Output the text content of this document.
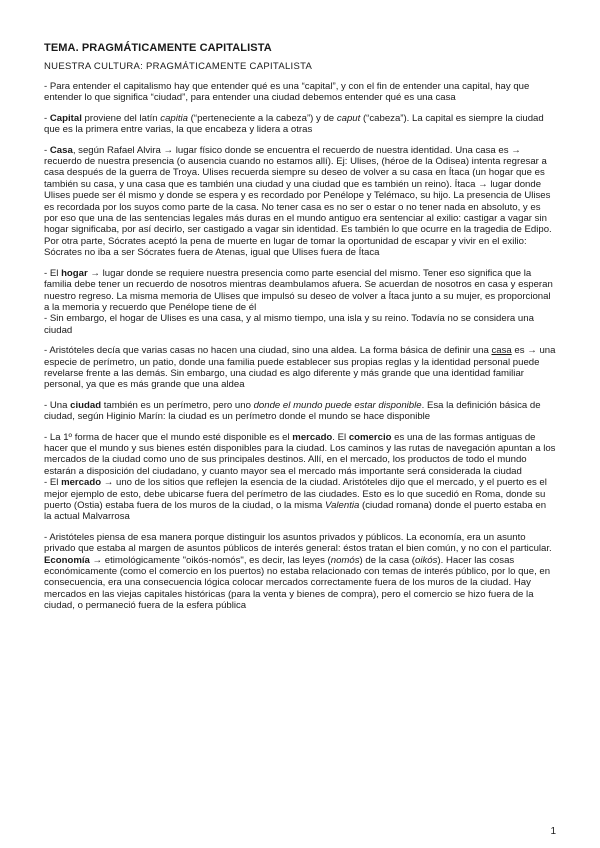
TEMA. PRAGMÁTICAMENTE CAPITALISTA
NUESTRA CULTURA: PRAGMÁTICAMENTE CAPITALISTA

- Para entender el capitalismo hay que entender qué es una “capital”, y con el fin de entender una capital, hay que entender lo que significa “ciudad”, para entender una ciudad debemos entender qué es una casa

- Capital proviene del latín capitia (“perteneciente a la cabeza”) y de caput (“cabeza”). La capital es siempre la ciudad que es la primera entre varias, la que encabeza y lidera a otras

- Casa, según Rafael Alvira → lugar físico donde se encuentra el recuerdo de nuestra identidad. Una casa es → recuerdo de nuestra presencia (o ausencia cuando no estamos allí). Ej: Ulises, (héroe de la Odisea) intenta regresar a casa después de la guerra de Troya. Ulises recuerda siempre su deseo de volver a su casa en Ítaca (un hogar que es también su casa, y una casa que es también una ciudad y una ciudad que es también un reino). Ítaca → lugar donde Ulises puede ser él mismo y donde se espera y es recordado por Penélope y Telémaco, su hijo. La presencia de Ulises es recordada por los suyos como parte de la casa. No tener casa es no ser o estar o no tener nada en absoluto, y es por eso que una de las sentencias legales más duras en el mundo antiguo era sentenciar al exilio: castigar a vagar sin hogar significaba, por así decirlo, ser castigado a vagar sin identidad. Es también lo que ocurre en la tragedia de Edipo. Por otra parte, Sócrates aceptó la pena de muerte en lugar de tomar la oportunidad de escapar y vivir en el exilio: Sócrates no iba a ser Sócrates fuera de Atenas, igual que Ulises fuera de Ítaca

- El hogar → lugar donde se requiere nuestra presencia como parte esencial del mismo. Tener eso significa que la familia debe tener un recuerdo de nosotros mientras deambulamos afuera. Se acuerdan de nosotros en casa y esperan nuestro regreso. La misma memoria de Ulises que impulsó su deseo de volver a Ítaca junto a su mujer, es proporcional a la memoria y recuerdo que Penélope tiene de él

- Sin embargo, el hogar de Ulises es una casa, y al mismo tiempo, una isla y su reino. Todavía no se considera una ciudad

- Aristóteles decía que varias casas no hacen una ciudad, sino una aldea. La forma básica de definir una casa es → una especie de perímetro, un patio, donde una familia puede establecer sus propias reglas y la identidad personal puede revelarse frente a las demás. Sin embargo, una ciudad es algo diferente y más grande que una identidad familiar personal, ya que es más grande que una aldea

- Una ciudad también es un perímetro, pero uno donde el mundo puede estar disponible. Esa la definición básica de ciudad, según Higinio Marín: la ciudad es un perímetro donde el mundo se hace disponible

- La 1º forma de hacer que el mundo esté disponible es el mercado. El comercio es una de las formas antiguas de hacer que el mundo y sus bienes estén disponibles para la ciudad. Los caminos y las rutas de navegación apuntan a los mercados de la ciudad como uno de sus principales destinos. Allí, en el mercado, los productos de todo el mundo estarán a disposición del ciudadano, y cuanto mayor sea el mercado más importante será considerada la ciudad

- El mercado → uno de los sitios que reflejen la esencia de la ciudad. Aristóteles dijo que el mercado, y el puerto es el mejor ejemplo de esto, debe ubicarse fuera del perímetro de las ciudades. Esto es lo que sucedió en Roma, donde su puerto (Ostia) estaba fuera de los muros de la ciudad, o la misma Valentia (ciudad romana) donde el puerto estaba en la actual Malvarrosa

- Aristóteles piensa de esa manera porque distinguir los asuntos privados y públicos. La economía, era un asunto privado que estaba al margen de asuntos públicos de interés general: éstos tratan el bien común, y no con el particular. Economía → etimológicamente "oikós-nomós", es decir, las leyes (nomós) de la casa (oikós). Hacer las cosas económicamente (como el comercio en los puertos) no estaba relacionado con temas de interés público, por lo que, en consecuencia, era una consecuencia lógica colocar mercados correctamente fuera de los muros de la ciudad. Hay mercados en las viejas capitales históricas (para la venta y bienes de compra), pero el comercio se hizo fuera de la ciudad, o permaneció fuera de la esfera pública

1
